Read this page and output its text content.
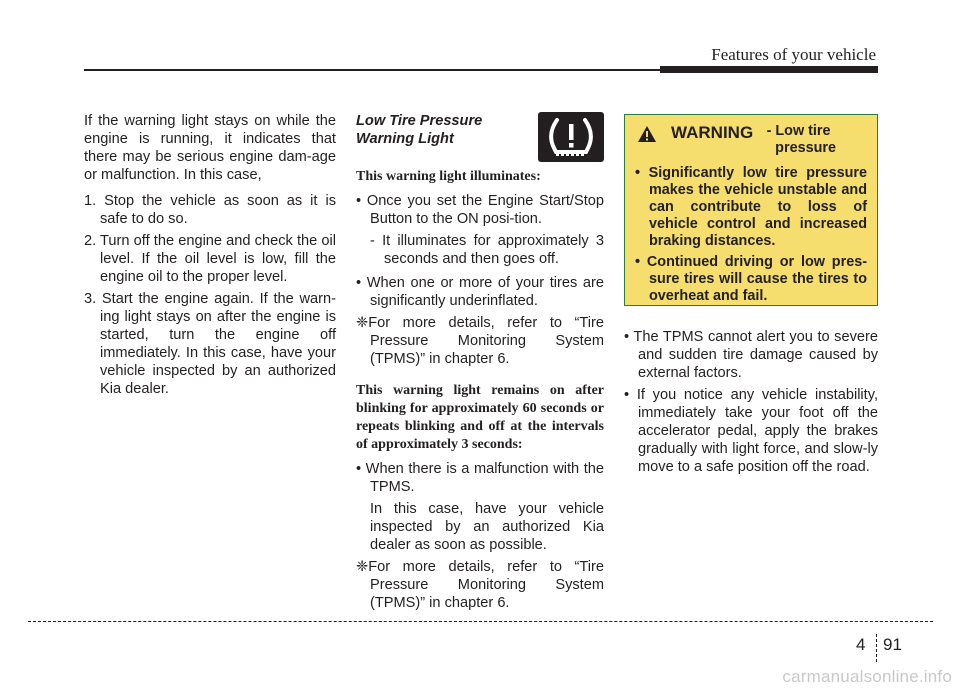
Features of your vehicle

If the warning light stays on while the engine is running, it indicates that there may be serious engine dam-age or malfunction. In this case,

1. Stop the vehicle as soon as it is safe to do so.

2. Turn off the engine and check the oil level. If the oil level is low, fill the engine oil to the proper level.

3. Start the engine again. If the warn-ing light stays on after the engine is started, turn the engine off immediately. In this case, have your vehicle inspected by an authorized Kia dealer.

Low Tire Pressure
Warning Light

This warning light illuminates:

• Once you set the Engine Start/Stop Button to the ON posi-tion.

- It illuminates for approximately 3 seconds and then goes off.

• When one or more of your tires are significantly underinflated.

❈For more details, refer to “Tire Pressure Monitoring System (TPMS)” in chapter 6.

This warning light remains on after blinking for approximately 60 seconds or repeats blinking and off at the intervals of approximately 3 seconds:

• When there is a malfunction with the TPMS.

In this case, have your vehicle inspected by an authorized Kia dealer as soon as possible.

❈For more details, refer to “Tire Pressure Monitoring System (TPMS)” in chapter 6.

WARNING - Low tire
pressure

• Significantly low tire pressure makes the vehicle unstable and can contribute to loss of vehicle control and increased braking distances.

• Continued driving or low pres-sure tires will cause the tires to overheat and fail.

• The TPMS cannot alert you to severe and sudden tire damage caused by external factors.

• If you notice any vehicle instability, immediately take your foot off the accelerator pedal, apply the brakes gradually with light force, and slow-ly move to a safe position off the road.

4 91
carmanualsonline.info
